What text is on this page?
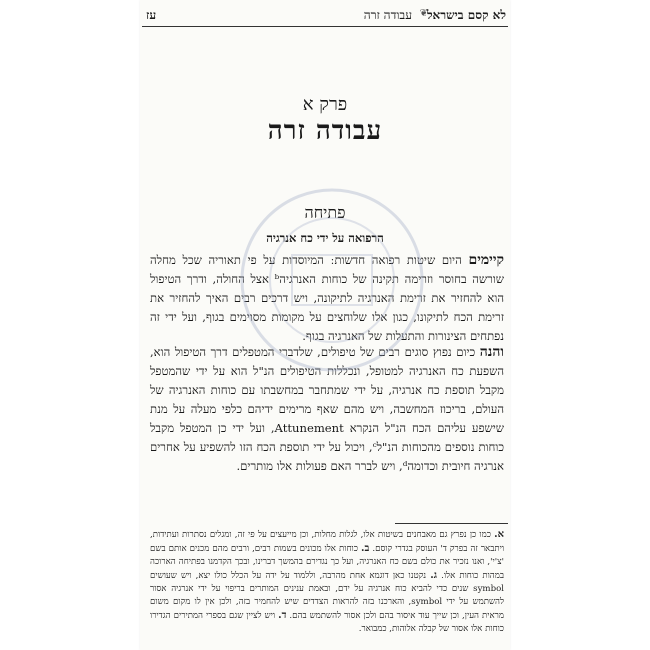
לא קסם בישראל
❦
עבודה זרה
עז
פרק א
עבודה זרה
פתיחה
הרפואה על ידי כח אנרגיה
קיימים היום שיטות רפואה חדשותː המיוסדות על פי תאוריה שכל מחלה שורשה בחוסר וזרימה תקינה של כוחות האנרגיהᵇ אצל החולה, ודרך הטיפול הוא להחזיר את זרימת האנרגיה לתיקונה, ויש דרכים רבים האיך להחזיר את זרימת הכח לתיקונו, כגון אלו שלוחצים על מקומות מסוימים בגוף, ועל ידי זה נפתחים הצינורות והתעלות של האנרגיה בגוף.
והנה כיום נפוץ סוגים רבים של טיפולים, שלדברי המטפלים דרך הטיפול הוא, השפעת כח האנרגיה למטופל, ונכללות הטיפולים הנ"ל הוא על ידי שהמטפל מקבל תוספת כח אנרגיה, על ידי שמתחבר במחשבתו עם כוחות האנרגיה של העולם, בריכוז המחשבה, ויש מהם שאף מרימים ידיהם כלפי מעלה על מנת שישפע עליהם הכח הנ"ל הנקרא Attunement, ועל ידי כן המטפל מקבל כוחות נוספים מהכוחות הנ"לᶜ, ויכול על ידי תוספת הכח הזו להשפיע על אחרים אנרגיה חיובית וכדומהᵈ, ויש לברר האם פעולות אלו מותרים.
א. כמו כן נפרץ גם מאבחנים בשיטות אלו, לגלות מחלות, וכן מייעצים על פי זה, ומגלים נסתרות ועתידות, ויתבאר זה בפרק ד' העוסק בגדרי קוסם. ב. כוחות אלו מכונים בשמות רבים, ורבים מהם מכנים אותם בשם 'צ'י', ואנו נזכיר את כולם בשם כח האנרגיה, ועל כך נגדירם בהמשך דברינו, ובכך הקדמנו בפתיחה הארוכה במהות כוחות אלו. ג. נקטנו כאן דוגמא אחת מהרבה, וללמוד על ידה על הכלל כולו יצא, ויש שעושים symbol שנים כדי להביא כוח אנרגיה על ידם, ובאמת ענינים המותרים בריפוי על ידי אנרגיה אסור להשתמש על ידי symbol, והארכנו בזה להראות הצדדים שיש להחמיר בזה, ולכן אין לו מקום משום מראית העין, וכן שייך עוד איסור בהם ולכן אסור להשתמש בהם. ד. ויש לציין שגם בספרי המתירים הגדירו כוחות אלו אסור של קבלה אלוהות, כמבואר.
